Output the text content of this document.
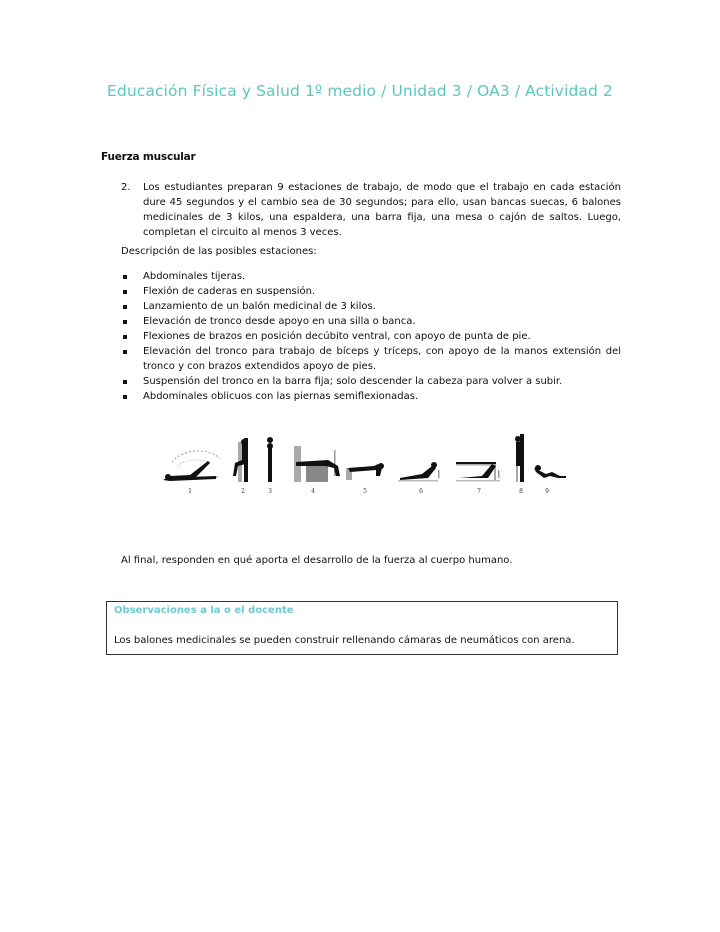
Educación Física y Salud 1º medio / Unidad 3 / OA3 / Actividad 2
Fuerza muscular
2.	Los estudiantes preparan 9 estaciones de trabajo, de modo que el trabajo en cada estación dure 45 segundos y el cambio sea de 30 segundos; para ello, usan bancas suecas, 6 balones medicinales de 3 kilos, una espaldera, una barra fija, una mesa o cajón de saltos. Luego, completan el circuito al menos 3 veces.
Descripción de las posibles estaciones:
Abdominales tijeras.
Flexión de caderas en suspensión.
Lanzamiento de un balón medicinal de 3 kilos.
Elevación de tronco desde apoyo en una silla o banca.
Flexiones de brazos en posición decúbito ventral, con apoyo de punta de pie.
Elevación del tronco para trabajo de bíceps y tríceps, con apoyo de la manos extensión del tronco y con brazos extendidos apoyo de pies.
Suspensión del tronco en la barra fija; solo descender la cabeza para volver a subir.
Abdominales oblicuos con las piernas semiflexionadas.
1	2	3	4	5	6	7	8	9
Al final, responden en qué aporta el desarrollo de la fuerza al cuerpo humano.
Observaciones a la o el docente
Los balones medicinales se pueden construir rellenando cámaras de neumáticos con arena.
